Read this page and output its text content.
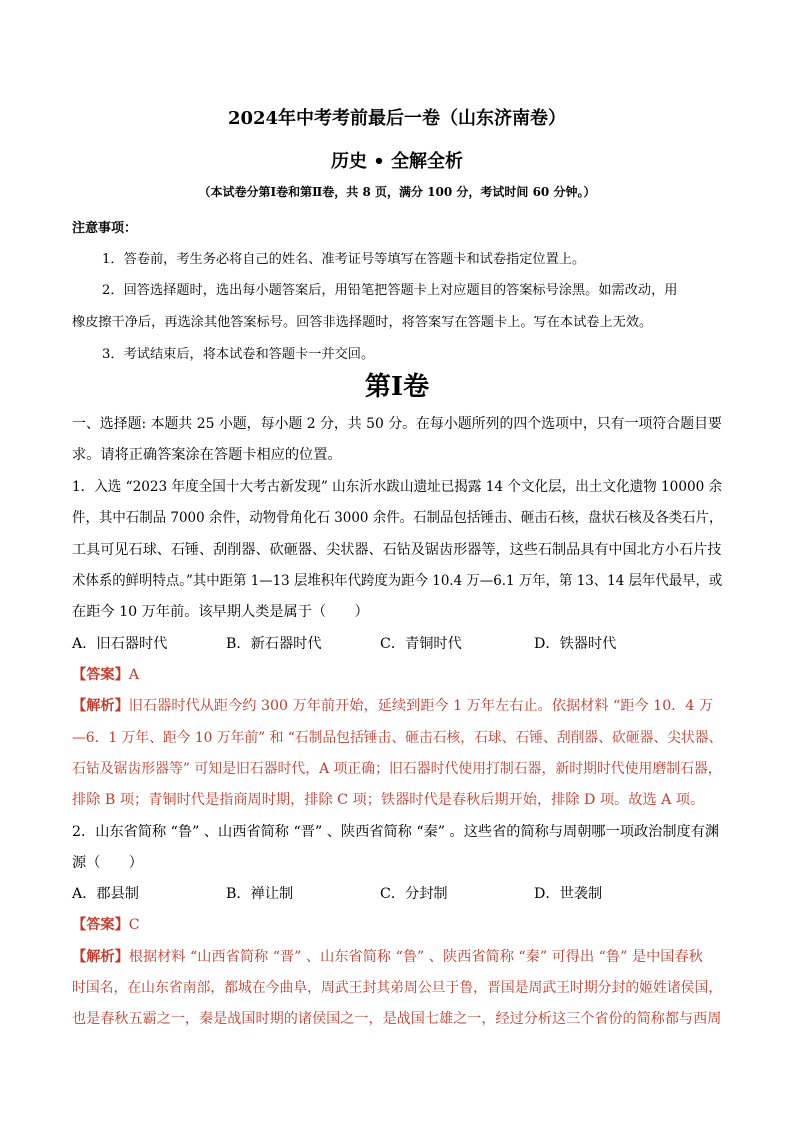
2024年中考考前最后一卷（山东济南卷）
历史 • 全解全析
（本试卷分第Ⅰ卷和第Ⅱ卷，共 8 页，满分 100 分，考试时间 60 分钟。）
注意事项：
1．答卷前，考生务必将自己的姓名、准考证号等填写在答题卡和试卷指定位置上。
2．回答选择题时，选出每小题答案后，用铅笔把答题卡上对应题目的答案标号涂黑。如需改动，用
橡皮擦干净后，再选涂其他答案标号。回答非选择题时，将答案写在答题卡上。写在本试卷上无效。
3．考试结束后，将本试卷和答题卡一并交回。
第Ⅰ卷
一、选择题: 本题共 25 小题，每小题 2 分，共 50 分。在每小题所列的四个选项中，只有一项符合题目要
求。请将正确答案涂在答题卡相应的位置。
1．入选 “2023 年度全国十大考古新发现” 山东沂水跋山遗址已揭露 14 个文化层，出土文化遗物 10000 余
件，其中石制品 7000 余件，动物骨角化石 3000 余件。石制品包括锤击、砸击石核，盘状石核及各类石片，
工具可见石球、石锤、刮削器、砍砸器、尖状器、石钻及锯齿形器等，这些石制品具有中国北方小石片技
术体系的鲜明特点。”其中距第 1—13 层堆积年代跨度为距今 10.4 万—6.1 万年，第 13、14 层年代最早，或
在距今 10 万年前。该早期人类是属于（　　）
A．旧石器时代	B．新石器时代	C．青铜时代	D．铁器时代
【答案】A
【解析】旧石器时代从距今约 300 万年前开始，延续到距今 1 万年左右止。依据材料 “距今 10．4 万
—6．1 万年、距今 10 万年前” 和 “石制品包括锤击、砸击石核，石球、石锤、刮削器、砍砸器、尖状器、
石钻及锯齿形器等” 可知是旧石器时代，A 项正确；旧石器时代使用打制石器，新时期时代使用磨制石器，
排除 B 项；青铜时代是指商周时期，排除 C 项；铁器时代是春秋后期开始，排除 D 项。故选 A 项。
2．山东省简称 “鲁” 、山西省简称 “晋” 、陕西省简称 “秦” 。这些省的简称与周朝哪一项政治制度有渊
源（　　）
A．郡县制	B．禅让制	C．分封制	D．世袭制
【答案】C
【解析】根据材料 “山西省简称 “晋” 、山东省简称 “鲁” 、陕西省简称 “秦” 可得出 “鲁” 是中国春秋
时国名，在山东省南部，都城在今曲阜，周武王封其弟周公旦于鲁，晋国是周武王时期分封的姬姓诸侯国，
也是春秋五霸之一，秦是战国时期的诸侯国之一，是战国七雄之一，经过分析这三个省份的简称都与西周
